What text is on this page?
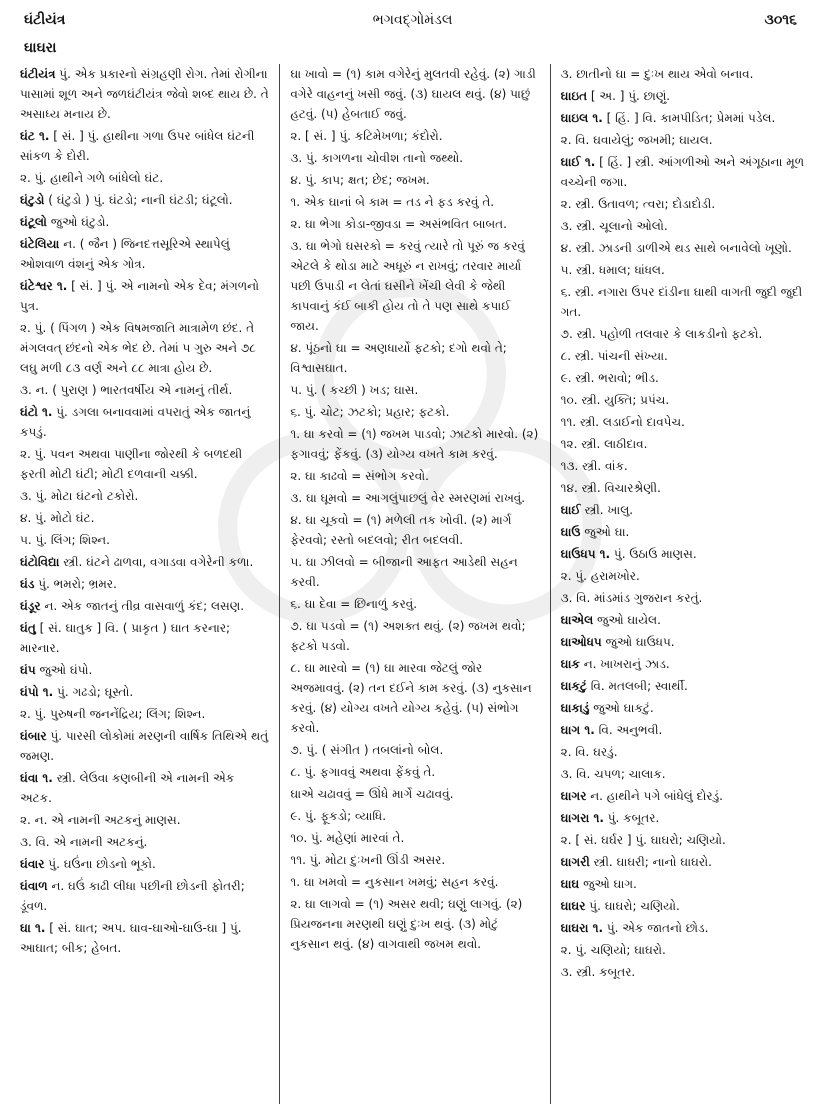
ઘંટીયંત્ર	ભગવદ્ગોમંડલ	૩૦૧૬
ઘાઘરા
ઘંટીયંત્ર પું. એક પ્રકારનો સંગ્રહણી રોગ. તેમાં રોગીના પાસામાં શૂળ અને જળઘંટીયંત્ર જેવો શબ્દ થાય છે. તે અસાધ્ય મનાય છે.
ઘંટ ૧. [ સં. ] પું. હાથીના ગળા ઉપર બાંધેલ ઘંટની સાંકળ કે દોરી.
૨. પું. હાથીને ગળે બાંધેલો ઘંટ.
ઘંટુડો ( ઘંટુડો ) પું. ઘંટડો; નાની ઘંટડી; ઘંટૂલો.
ઘંટૂલો જુઓ ઘંટુડો.
ઘંટેલિયા ન. ( જૈન ) જિનદત્તસૂરિએ સ્થાપેલું ઓશવાળ વંશનું એક ગોત્ર.
ઘંટેશ્વર ૧. [ સં. ] પું. એ નામનો એક દેવ; મંગળનો પુત્ર.
૨. પું. ( પિંગળ ) એક વિષમજાતિ માત્રામેળ છંદ. તે મંગલવત્ છંદનો એક ભેદ છે. તેમાં ૫ ગુરુ અને ૭૮ લઘુ મળી ૮૩ વર્ણ અને ૮૮ માત્રા હોય છે.
૩. ન. ( પુરાણ ) ભારતવર્ષીય એ નામનું તીર્થ.
ઘંટો ૧. પું. ડગલા બનાવવામાં વપરાતું એક જાતનું કપડું.
૨. પું. પવન અથવા પાણીના જોરથી કે બળદથી ફરતી મોટી ઘંટી; મોટી દળવાની ચક્કી.
૩. પું. મોટા ઘંટનો ટકોરો.
૪. પું. મોટો ઘંટ.
૫. પું. લિંગ; શિશ્ન.
ઘંટોવિદ્યા સ્ત્રી. ઘંટને ઢાળવા, વગાડવા વગેરેની કળા.
ઘંડ પું. ભમરો; ભ્રમર.
ઘંડૂર ન. એક જાતનું તીવ્ર વાસવાળું કંદ; લસણ.
ઘંતુ [ સં. ઘાતુક ] વિ. ( પ્રાકૃત ) ઘાત કરનાર; મારનાર.
ઘંપ જુઓ ઘંપો.
ઘંપો ૧. પું. ગઢડો; ઘૂસ્તો.
૨. પું. પુરુષની જનનેંદ્રિય; લિંગ; શિશ્ન.
ઘંબાર પું. પારસી લોકોમાં મરણની વાર્ષિક તિથિએ થતું જમણ.
ઘંવા ૧. સ્ત્રી. લેઉવા કણબીની એ નામની એક અટક.
૨. ન. એ નામની અટકનું માણસ.
૩. વિ. એ નામની અટકનું.
ઘંવાર પું. ઘઉંના છોડનો ભૂકો.
ઘંવાળ ન. ઘઉં કાઢી લીધા પછીની છોડની ફોતરી; ડૂંવળ.
ઘા ૧. [ સં. ઘાત; અપ. ઘાવ-ઘાઓ-ઘાઉ-ઘા ] પું. આઘાત; બીક; હેબત.
ઘા ખાવો = (૧) કામ વગેરેનું મુલતવી રહેવું. (૨) ગાડી વગેરે વાહનનું ખસી જવું. (૩) ઘાયલ થવું. (૪) પાછું હટવું. (૫) હેબતાઈ જવું.
૨. [ સં. ] પું. કટિમેખળા; કંદોરો.
૩. પું. કાગળના ચોવીશ તાનો જથ્થો.
૪. પું. કાપ; ક્ષત; છેદ; જખમ.
૧. એક ઘાનાં બે કામ = તડ ને ફડ કરવું તે.
૨. ઘા ભેગા કોડા-જીવડા = અસંભવિત બાબત.
૩. ઘા ભેગો ઘસરકો = કરવું ત્યારે તો પૂરું જ કરવું એટલે કે થોડા માટે અધૂરું ન રાખવું; તરવાર માર્યા પછી ઉપાડી ન લેતાં ઘસીને ખેંચી લેવી કે જેથી કાપવાનું કંઈ બાકી હોય તો તે પણ સાથે કપાઈ જાય.
૪. પૂંઠનો ઘા = અણધાર્યો ફટકો; દગો થવો તે; વિશ્વાસઘાત.
૫. પું. ( કચ્છી ) ખડ; ઘાસ.
૬. પું. ચોટ; ઝટકો; પ્રહાર; ફટકો.
૧. ઘા કરવો = (૧) જખમ પાડવો; ઝાટકો મારવો. (૨) ફગાવવું; ફેંકવું. (૩) યોગ્ય વખતે કામ કરવું.
૨. ઘા કાઢવો = સંભોગ કરવો.
૩. ઘા ઘૂમવો = આગલુંપાછલું વેર સ્મરણમાં રાખવું.
૪. ઘા ચૂકવો = (૧) મળેલી તક ખોવી. (૨) માર્ગ ફેરવવો; રસ્તો બદલવો; રીત બદલવી.
૫. ઘા ઝીલવો = બીજાની આફત આડેથી સહન કરવી.
૬. ઘા દેવા = છિનાળું કરવું.
૭. ઘા પડવો = (૧) અશક્ત થવું. (૨) જખમ થવો; ફટકો પડવો.
૮. ઘા મારવો = (૧) ઘા મારવા જેટલું જોર અજમાવવું. (૨) તન દઈને કામ કરવું. (૩) નુકસાન કરવું. (૪) યોગ્ય વખતે યોગ્ય કહેવું. (૫) સંભોગ કરવો.
૭. પું. ( સંગીત ) તબલાંનો બોલ.
૮. પું. ફગાવવું અથવા ફેંકવું તે.
ઘાએ ચઢાવવું = ઊંધે માર્ગે ચઢાવવું.
૯. પું. ફૂકડો; વ્યાધિ.
૧૦. પું. મહેણાં મારવાં તે.
૧૧. પું. મોટા દુઃખની ઊંડી અસર.
૧. ઘા ખમવો = નુકસાન ખમવું; સહન કરવું.
૨. ઘા લાગવો = (૧) અસર થવી; ઘણું લાગવું. (૨) પ્રિયજનના મરણથી ઘણું દુઃખ થવું. (૩) મોટું નુકસાન થવું. (૪) વાગવાથી જખમ થવો.
૩. છાતીનો ઘા = દુઃખ થાય એવો બનાવ.
ઘાઇત [ અ. ] પું. છાણું.
ઘાઇલ ૧. [ હિં. ] વિ. કામપીડિત; પ્રેમમાં પડેલ.
૨. વિ. ઘવાયેલું; જખમી; ઘાયલ.
ઘાઈ ૧. [ હિં. ] સ્ત્રી. આંગળીઓ અને અંગૂઠાના મૂળ વચ્ચેની જગા.
૨. સ્ત્રી. ઉતાવળ; ત્વરા; દોડાદોડી.
૩. સ્ત્રી. ચૂલાનો ઓલો.
૪. સ્ત્રી. ઝાડની ડાળીએ થડ સાથે બનાવેલો ખૂણો.
૫. સ્ત્રી. ધમાલ; ધાંધલ.
૬. સ્ત્રી. નગારા ઉપર દાંડીના ઘાથી વાગતી જુદી જુદી ગત.
૭. સ્ત્રી. પહોળી તલવાર કે લાકડીનો ફટકો.
૮. સ્ત્રી. પાંચની સંખ્યા.
૯. સ્ત્રી. ભરાવો; ભીડ.
૧૦. સ્ત્રી. યુક્તિ; પ્રપંચ.
૧૧. સ્ત્રી. લડાઈનો દાવપેચ.
૧૨. સ્ત્રી. લાઠીદાવ.
૧૩. સ્ત્રી. વાંક.
૧૪. સ્ત્રી. વિચારશ્રેણી.
ઘાઈ સ્ત્રી. ખાલુ.
ઘાઉ જુઓ ઘા.
ઘાઉધપ ૧. પું. ઉઠાઉ માણસ.
૨. પું. હરામખોર.
૩. વિ. માંડમાંડ ગુજરાન કરતું.
ઘાએલ જુઓ ઘાયેલ.
ઘાઓધપ જુઓ ઘાઉધપ.
ઘાક ન. ખાખરાનું ઝાડ.
ઘાકટું વિ. મતલબી; સ્વાર્થી.
ઘાકાડું જુઓ ઘાકટું.
ઘાગ ૧. વિ. અનુભવી.
૨. વિ. ઘરડું.
૩. વિ. ચપળ; ચાલાક.
ઘાગર ન. હાથીને પગે બાંધેલું દોરડું.
ઘાગરા ૧. પું. કબૂતર.
૨. [ સં. ઘર્ઘર ] પું. ઘાઘરો; ચણિયો.
ઘાગરી સ્ત્રી. ઘાઘરી; નાનો ઘાઘરો.
ઘાઘ જુઓ ઘાગ.
ઘાઘર પું. ઘાઘરો; ચણિયો.
ઘાઘરા ૧. પું. એક જાતનો છોડ.
૨. પું. ચણિયો; ઘાઘરો.
૩. સ્ત્રી. કબૂતર.
